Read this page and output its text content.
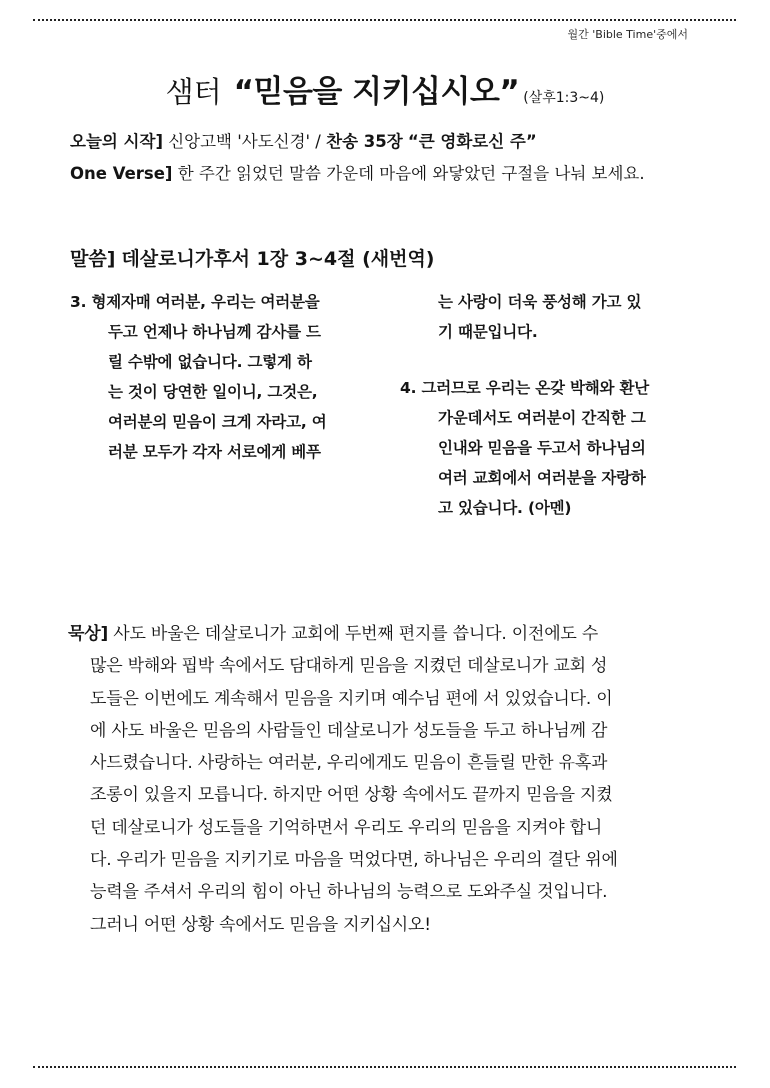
월간 'Bible Time'중에서
샘터 “믿음을 지키십시오” (살후1:3~4)
오늘의 시작] 신앙고백 '사도신경' / 찬송 35장 “큰 영화로신 주”
One Verse] 한 주간 읽었던 말씀 가운데 마음에 와닿았던 구절을 나눠 보세요.
말씀] 데살로니가후서 1장 3~4절 (새번역)
3. 형제자매 여러분, 우리는 여러분을
두고 언제나 하나님께 감사를 드
릴 수밖에 없습니다. 그렇게 하
는 것이 당연한 일이니, 그것은,
여러분의 믿음이 크게 자라고, 여
러분 모두가 각자 서로에게 베푸
는 사랑이 더욱 풍성해 가고 있
기 때문입니다.
4. 그러므로 우리는 온갖 박해와 환난
가운데서도 여러분이 간직한 그
인내와 믿음을 두고서 하나님의
여러 교회에서 여러분을 자랑하
고 있습니다. (아멘)
묵상] 사도 바울은 데살로니가 교회에 두번째 편지를 씁니다. 이전에도 수
많은 박해와 핍박 속에서도 담대하게 믿음을 지켰던 데살로니가 교회 성
도들은 이번에도 계속해서 믿음을 지키며 예수님 편에 서 있었습니다. 이
에 사도 바울은 믿음의 사람들인 데살로니가 성도들을 두고 하나님께 감
사드렸습니다. 사랑하는 여러분, 우리에게도 믿음이 흔들릴 만한 유혹과
조롱이 있을지 모릅니다. 하지만 어떤 상황 속에서도 끝까지 믿음을 지켰
던 데살로니가 성도들을 기억하면서 우리도 우리의 믿음을 지켜야 합니
다. 우리가 믿음을 지키기로 마음을 먹었다면, 하나님은 우리의 결단 위에
능력을 주셔서 우리의 힘이 아닌 하나님의 능력으로 도와주실 것입니다.
그러니 어떤 상황 속에서도 믿음을 지키십시오!
